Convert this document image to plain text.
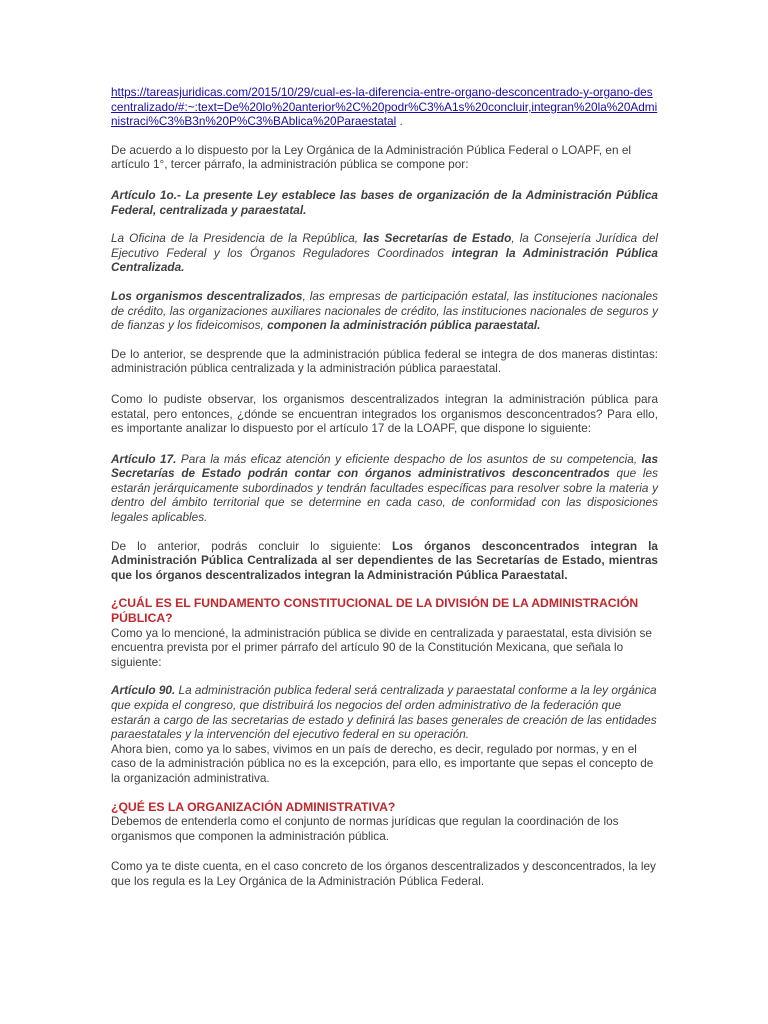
https://tareasjuridicas.com/2015/10/29/cual-es-la-diferencia-entre-organo-desconcentrado-y-organo-descentralizado/#:~:text=De%20lo%20anterior%2C%20podr%C3%A1s%20concluir,integran%20la%20Administraci%C3%B3n%20P%C3%BAblica%20Paraestatal .

De acuerdo a lo dispuesto por la Ley Orgánica de la Administración Pública Federal o LOAPF, en el artículo 1°, tercer párrafo, la administración pública se compone por:

Artículo 1o.- La presente Ley establece las bases de organización de la Administración Pública Federal, centralizada y paraestatal.

La Oficina de la Presidencia de la República, las Secretarías de Estado, la Consejería Jurídica del Ejecutivo Federal y los Órganos Reguladores Coordinados integran la Administración Pública Centralizada.

Los organismos descentralizados, las empresas de participación estatal, las instituciones nacionales de crédito, las organizaciones auxiliares nacionales de crédito, las instituciones nacionales de seguros y de fianzas y los fideicomisos, componen la administración pública paraestatal.

De lo anterior, se desprende que la administración pública federal se integra de dos maneras distintas: administración pública centralizada y la administración pública paraestatal.

Como lo pudiste observar, los organismos descentralizados integran la administración pública para estatal, pero entonces, ¿dónde se encuentran integrados los organismos desconcentrados? Para ello, es importante analizar lo dispuesto por el artículo 17 de la LOAPF, que dispone lo siguiente:

Artículo 17. Para la más eficaz atención y eficiente despacho de los asuntos de su competencia, las Secretarías de Estado podrán contar con órganos administrativos desconcentrados que les estarán jerárquicamente subordinados y tendrán facultades específicas para resolver sobre la materia y dentro del ámbito territorial que se determine en cada caso, de conformidad con las disposiciones legales aplicables.

De lo anterior, podrás concluir lo siguiente: Los órganos desconcentrados integran la Administración Pública Centralizada al ser dependientes de las Secretarías de Estado, mientras que los órganos descentralizados integran la Administración Pública Paraestatal.

¿CUÁL ES EL FUNDAMENTO CONSTITUCIONAL DE LA DIVISIÓN DE LA ADMINISTRACIÓN PÚBLICA?

Como ya lo mencioné, la administración pública se divide en centralizada y paraestatal, esta división se encuentra prevista por el primer párrafo del artículo 90 de la Constitución Mexicana, que señala lo siguiente:

Artículo 90. La administración publica federal será centralizada y paraestatal conforme a la ley orgánica que expida el congreso, que distribuirá los negocios del orden administrativo de la federación que estarán a cargo de las secretarias de estado y definirá las bases generales de creación de las entidades paraestatales y la intervención del ejecutivo federal en su operación.

Ahora bien, como ya lo sabes, vivimos en un país de derecho, es decir, regulado por normas, y en el caso de la administración pública no es la excepción, para ello, es importante que sepas el concepto de la organización administrativa.

¿QUÉ ES LA ORGANIZACIÓN ADMINISTRATIVA?

Debemos de entenderla como el conjunto de normas jurídicas que regulan la coordinación de los organismos que componen la administración pública.

Como ya te diste cuenta, en el caso concreto de los órganos descentralizados y desconcentrados, la ley que los regula es la Ley Orgánica de la Administración Pública Federal.
